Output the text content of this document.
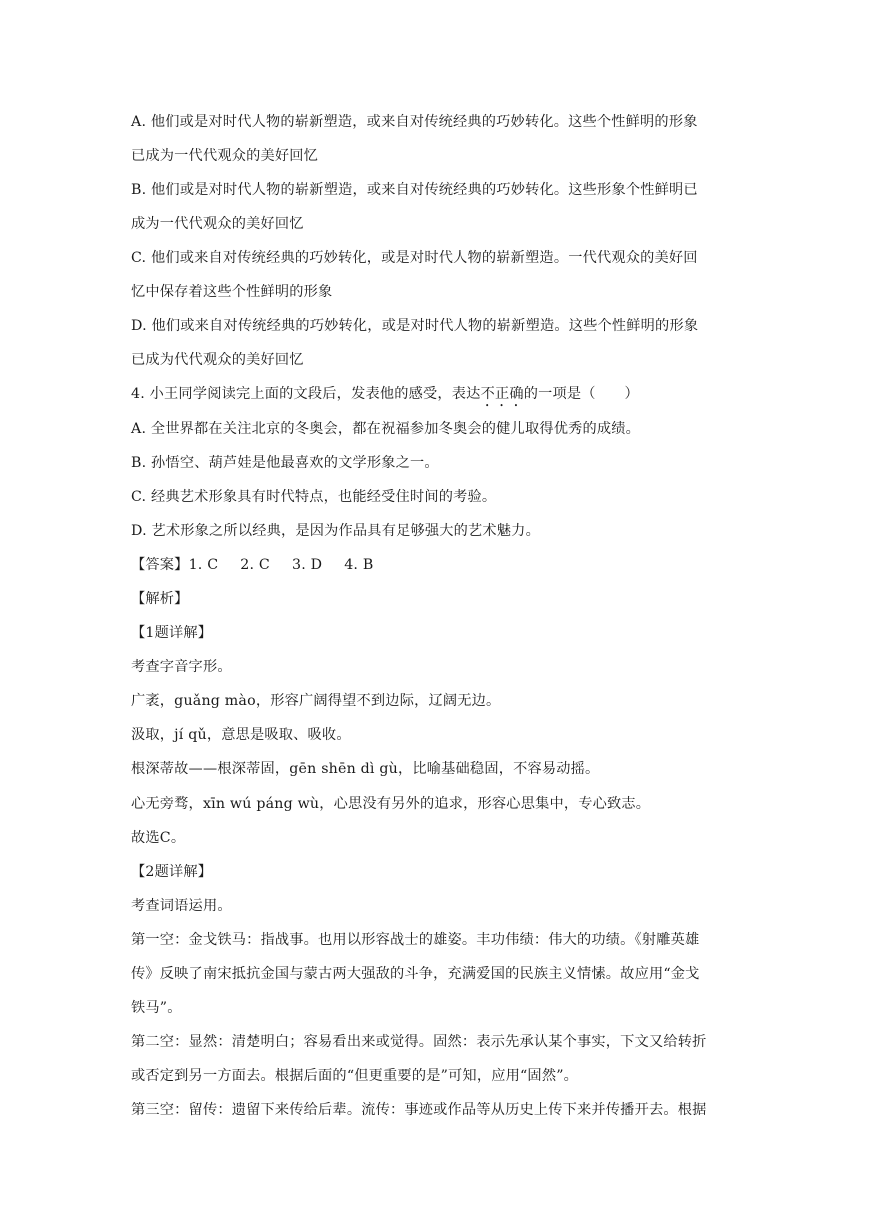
A. 他们或是对时代人物的崭新塑造，或来自对传统经典的巧妙转化。这些个性鲜明的形象
已成为一代代观众的美好回忆
B. 他们或是对时代人物的崭新塑造，或来自对传统经典的巧妙转化。这些形象个性鲜明已
成为一代代观众的美好回忆
C. 他们或来自对传统经典的巧妙转化，或是对时代人物的崭新塑造。一代代观众的美好回
忆中保存着这些个性鲜明的形象
D. 他们或来自对传统经典的巧妙转化，或是对时代人物的崭新塑造。这些个性鲜明的形象
已成为代代观众的美好回忆
4. 小王同学阅读完上面的文段后，发表他的感受，表达不正确的一项是（　　）
A. 全世界都在关注北京的冬奥会，都在祝福参加冬奥会的健儿取得优秀的成绩。
B. 孙悟空、葫芦娃是他最喜欢的文学形象之一。
C. 经典艺术形象具有时代特点，也能经受住时间的考验。
D. 艺术形象之所以经典，是因为作品具有足够强大的艺术魅力。
【答案】1. C 2. C 3. D 4. B
【解析】
【1题详解】
考查字音字形。
广袤，guǎng mào，形容广阔得望不到边际，辽阔无边。
汲取，jí qǔ，意思是吸取、吸收。
根深蒂故——根深蒂固，gēn shēn dì gù，比喻基础稳固，不容易动摇。
心无旁骛，xīn wú páng wù，心思没有另外的追求，形容心思集中，专心致志。
故选C。
【2题详解】
考查词语运用。
第一空：金戈铁马：指战事。也用以形容战士的雄姿。丰功伟绩：伟大的功绩。《射雕英雄
传》反映了南宋抵抗金国与蒙古两大强敌的斗争，充满爱国的民族主义情愫。故应用“金戈
铁马”。
第二空：显然：清楚明白；容易看出来或觉得。固然：表示先承认某个事实，下文又给转折
或否定到另一方面去。根据后面的“但更重要的是”可知，应用“固然”。
第三空：留传：遗留下来传给后辈。流传：事迹或作品等从历史上传下来并传播开去。根据
